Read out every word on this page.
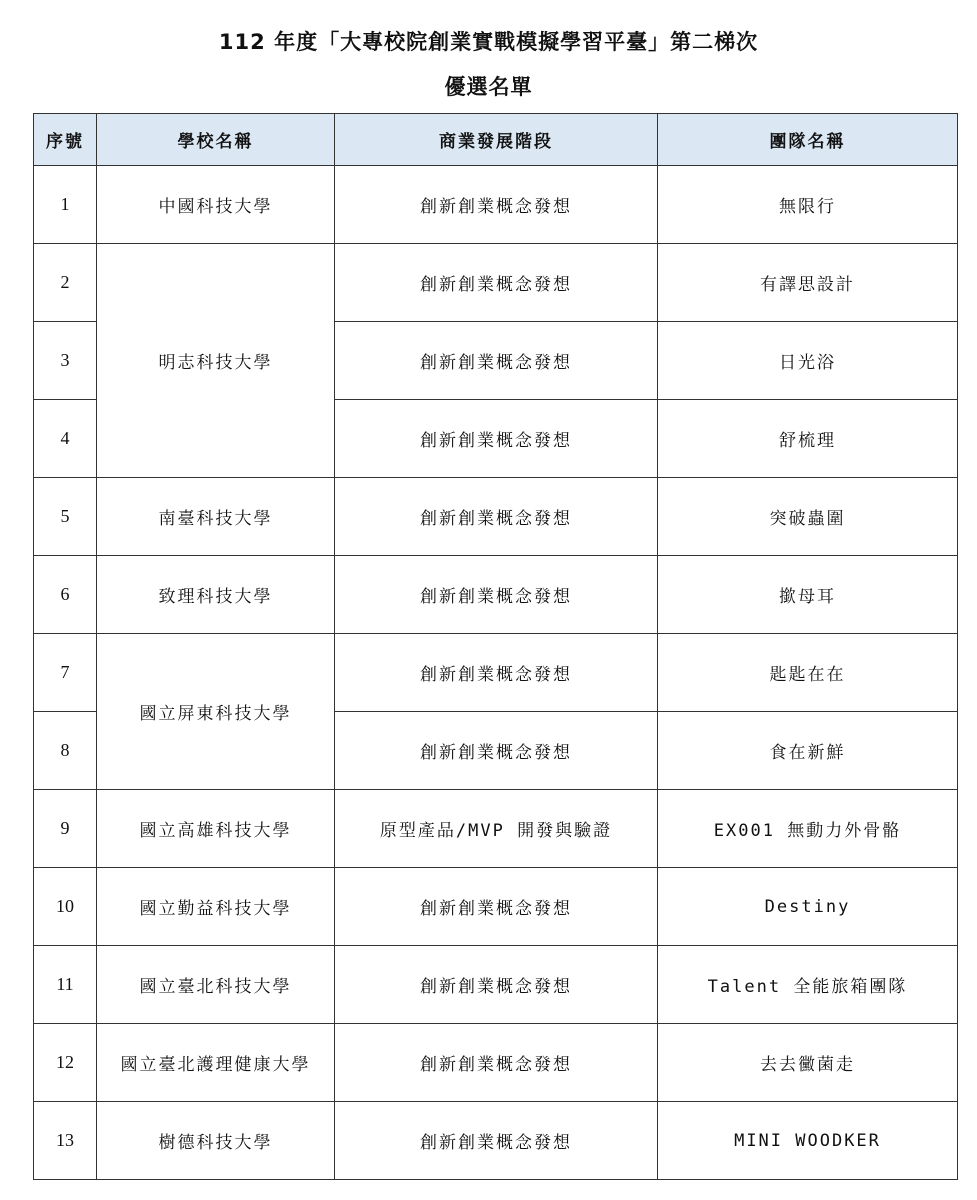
112 年度「大專校院創業實戰模擬學習平臺」第二梯次
優選名單
序號	學校名稱	商業發展階段	團隊名稱
1	中國科技大學	創新創業概念發想	無限行
2	明志科技大學	創新創業概念發想	有譯思設計
3		創新創業概念發想	日光浴
4		創新創業概念發想	舒梳理
5	南臺科技大學	創新創業概念發想	突破蟲圍
6	致理科技大學	創新創業概念發想	撳母耳
7	國立屏東科技大學	創新創業概念發想	匙匙在在
8		創新創業概念發想	食在新鮮
9	國立高雄科技大學	原型產品/MVP 開發與驗證	EX001 無動力外骨骼
10	國立勤益科技大學	創新創業概念發想	Destiny
11	國立臺北科技大學	創新創業概念發想	Talent 全能旅箱團隊
12	國立臺北護理健康大學	創新創業概念發想	去去黴菌走
13	樹德科技大學	創新創業概念發想	MINI WOODKER
